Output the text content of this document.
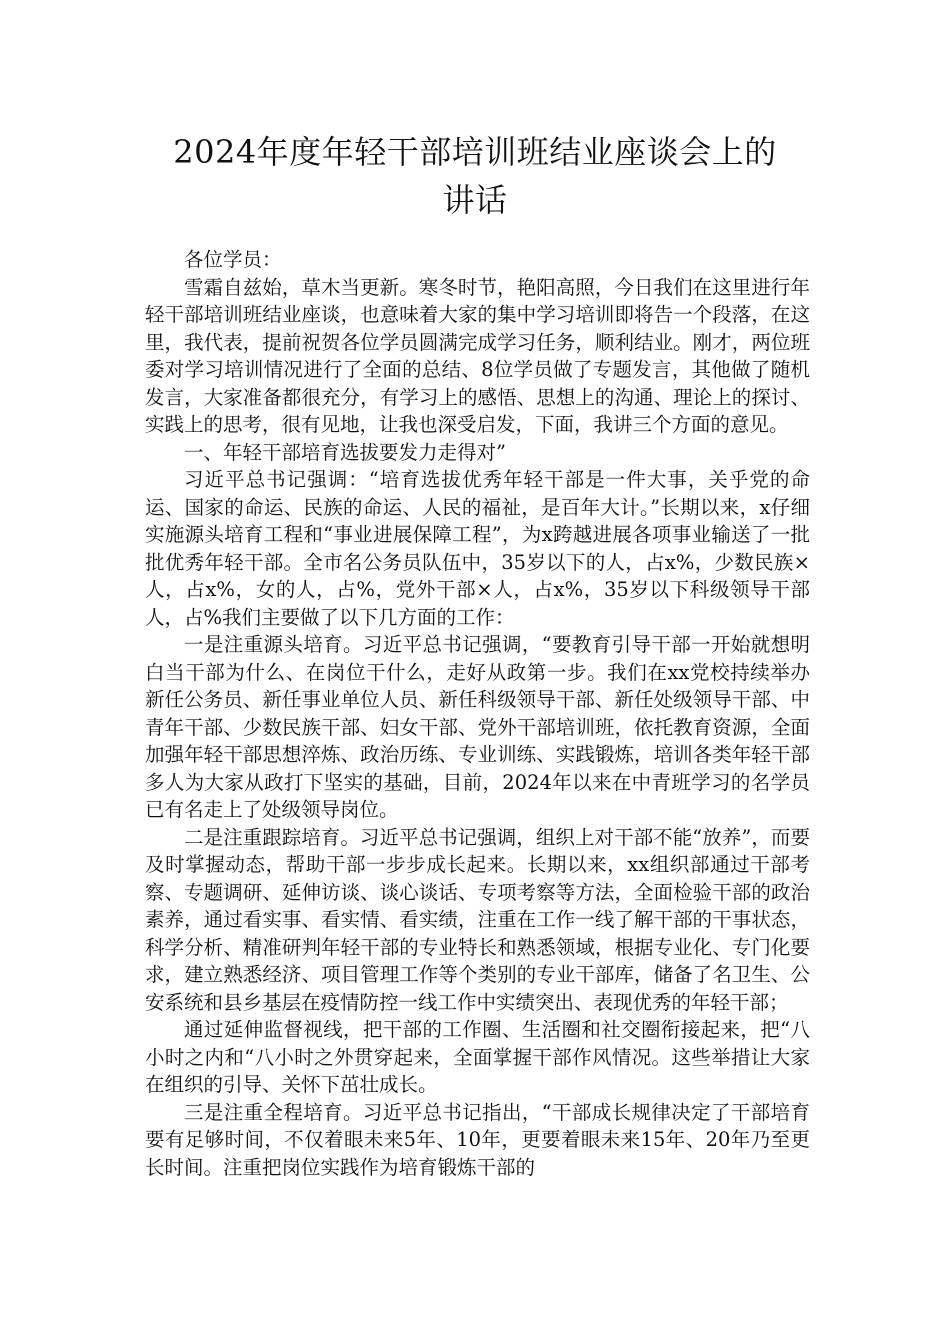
2024年度年轻干部培训班结业座谈会上的
讲话

各位学员：

雪霜自兹始，草木当更新。寒冬时节，艳阳高照，今日我们在这里进行年轻干部培训班结业座谈，也意味着大家的集中学习培训即将告一个段落，在这里，我代表，提前祝贺各位学员圆满完成学习任务，顺利结业。刚才，两位班委对学习培训情况进行了全面的总结、8位学员做了专题发言，其他做了随机发言，大家准备都很充分，有学习上的感悟、思想上的沟通、理论上的探讨、实践上的思考，很有见地，让我也深受启发，下面，我讲三个方面的意见。

一、年轻干部培育选拔要发力走得对”

习近平总书记强调：“培育选拔优秀年轻干部是一件大事，关乎党的命运、国家的命运、民族的命运、人民的福祉，是百年大计。”长期以来，x仔细实施源头培育工程和“事业进展保障工程”，为x跨越进展各项事业输送了一批批优秀年轻干部。全市名公务员队伍中，35岁以下的人，占x%，少数民族×人，占x%，女的人，占%，党外干部×人，占x%，35岁以下科级领导干部人，占%我们主要做了以下几方面的工作：

一是注重源头培育。习近平总书记强调，“要教育引导干部一开始就想明白当干部为什么、在岗位干什么，走好从政第一步。我们在xx党校持续举办新任公务员、新任事业单位人员、新任科级领导干部、新任处级领导干部、中青年干部、少数民族干部、妇女干部、党外干部培训班，依托教育资源，全面加强年轻干部思想淬炼、政治历练、专业训练、实践锻炼，培训各类年轻干部多人为大家从政打下坚实的基础，目前，2024年以来在中青班学习的名学员已有名走上了处级领导岗位。

二是注重跟踪培育。习近平总书记强调，组织上对干部不能“放养”，而要及时掌握动态，帮助干部一步步成长起来。长期以来，xx组织部通过干部考察、专题调研、延伸访谈、谈心谈话、专项考察等方法，全面检验干部的政治素养，通过看实事、看实情、看实绩，注重在工作一线了解干部的干事状态，科学分析、精准研判年轻干部的专业特长和熟悉领域，根据专业化、专门化要求，建立熟悉经济、项目管理工作等个类别的专业干部库，储备了名卫生、公安系统和县乡基层在疫情防控一线工作中实绩突出、表现优秀的年轻干部；

通过延伸监督视线，把干部的工作圈、生活圈和社交圈衔接起来，把“八小时之内和“八小时之外贯穿起来，全面掌握干部作风情况。这些举措让大家在组织的引导、关怀下茁壮成长。

三是注重全程培育。习近平总书记指出，“干部成长规律决定了干部培育要有足够时间，不仅着眼未来5年、10年，更要着眼未来15年、20年乃至更长时间。注重把岗位实践作为培育锻炼干部的
